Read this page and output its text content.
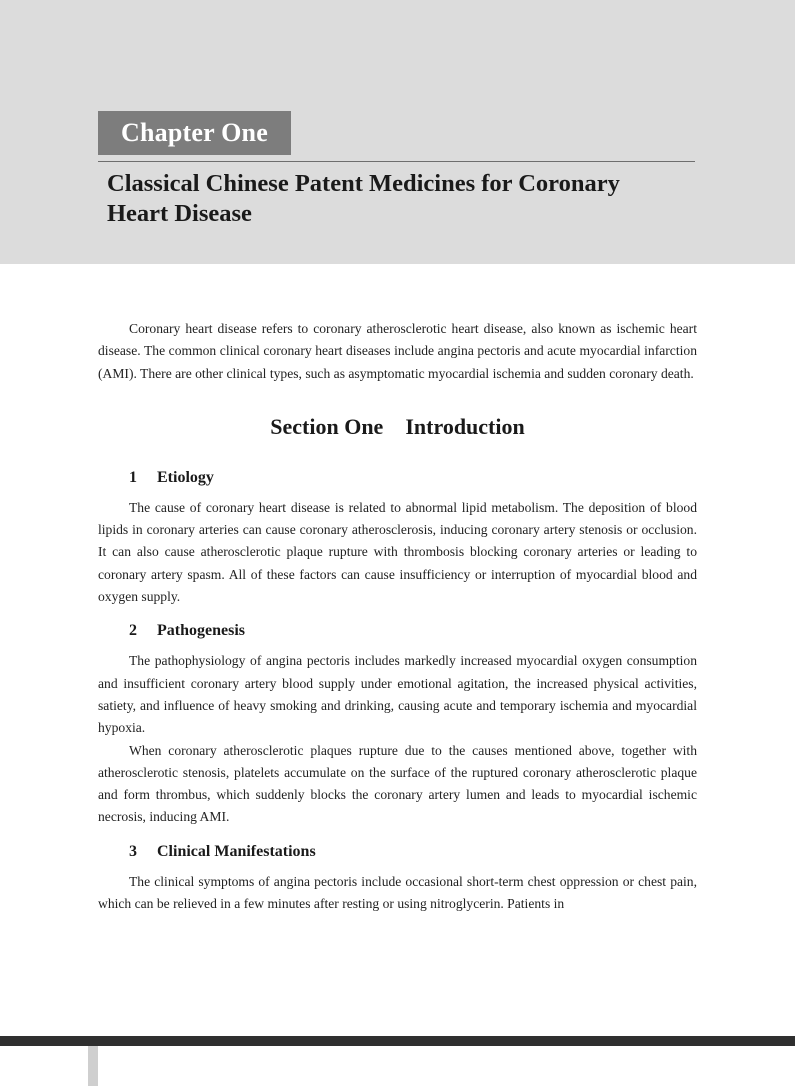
Chapter One
Classical Chinese Patent Medicines for Coronary
Heart Disease

Coronary heart disease refers to coronary atherosclerotic heart disease, also known as ischemic heart disease. The common clinical coronary heart diseases include angina pectoris and acute myocardial infarction (AMI). There are other clinical types, such as asymptomatic myocardial ischemia and sudden coronary death.

Section One Introduction
1 Etiology

The cause of coronary heart disease is related to abnormal lipid metabolism. The deposition of blood lipids in coronary arteries can cause coronary atherosclerosis, inducing coronary artery stenosis or occlusion. It can also cause atherosclerotic plaque rupture with thrombosis blocking coronary arteries or leading to coronary artery spasm. All of these factors can cause insufficiency or interruption of myocardial blood and oxygen supply.

2 Pathogenesis

The pathophysiology of angina pectoris includes markedly increased myocardial oxygen consumption and insufficient coronary artery blood supply under emotional agitation, the increased physical activities, satiety, and influence of heavy smoking and drinking, causing acute and temporary ischemia and myocardial hypoxia.

When coronary atherosclerotic plaques rupture due to the causes mentioned above, together with atherosclerotic stenosis, platelets accumulate on the surface of the ruptured coronary atherosclerotic plaque and form thrombus, which suddenly blocks the coronary artery lumen and leads to myocardial ischemic necrosis, inducing AMI.

3 Clinical Manifestations

The clinical symptoms of angina pectoris include occasional short-term chest oppression or chest pain, which can be relieved in a few minutes after resting or using nitroglycerin. Patients in
